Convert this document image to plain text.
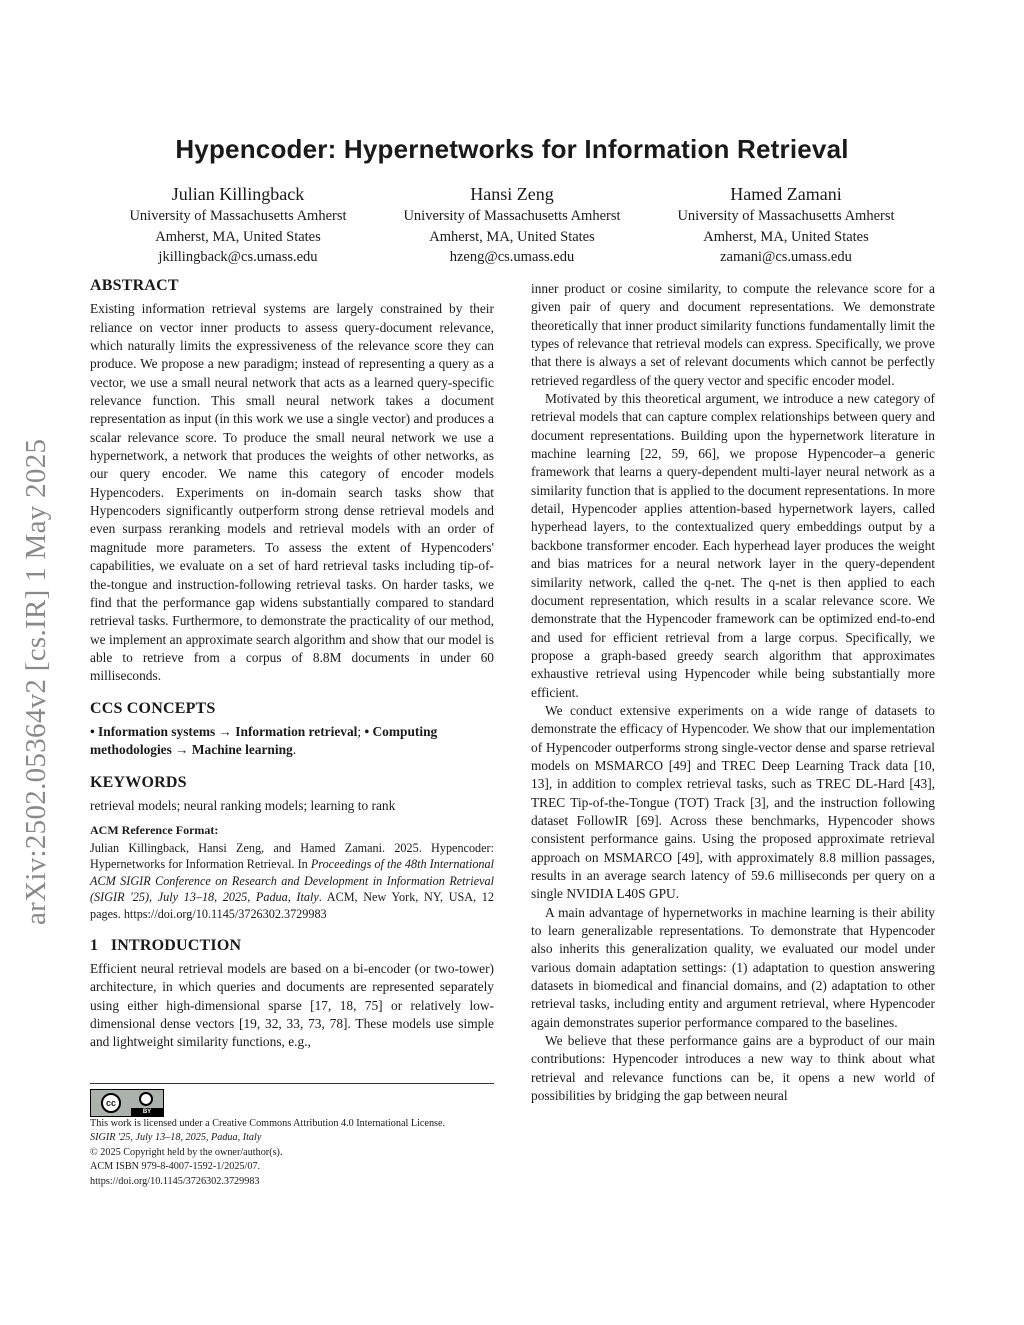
arXiv:2502.05364v2 [cs.IR] 1 May 2025
Hypencoder: Hypernetworks for Information Retrieval
Julian Killingback
University of Massachusetts Amherst
Amherst, MA, United States
jkillingback@cs.umass.edu
Hansi Zeng
University of Massachusetts Amherst
Amherst, MA, United States
hzeng@cs.umass.edu
Hamed Zamani
University of Massachusetts Amherst
Amherst, MA, United States
zamani@cs.umass.edu
ABSTRACT

Existing information retrieval systems are largely constrained by their reliance on vector inner products to assess query-document relevance, which naturally limits the expressiveness of the relevance score they can produce. We propose a new paradigm; instead of representing a query as a vector, we use a small neural network that acts as a learned query-specific relevance function. This small neural network takes a document representation as input (in this work we use a single vector) and produces a scalar relevance score. To produce the small neural network we use a hypernetwork, a network that produces the weights of other networks, as our query encoder. We name this category of encoder models Hypencoders. Experiments on in-domain search tasks show that Hypencoders significantly outperform strong dense retrieval models and even surpass reranking models and retrieval models with an order of magnitude more parameters. To assess the extent of Hypencoders' capabilities, we evaluate on a set of hard retrieval tasks including tip-of-the-tongue and instruction-following retrieval tasks. On harder tasks, we find that the performance gap widens substantially compared to standard retrieval tasks. Furthermore, to demonstrate the practicality of our method, we implement an approximate search algorithm and show that our model is able to retrieve from a corpus of 8.8M documents in under 60 milliseconds.

CCS CONCEPTS

• Information systems → Information retrieval; • Computing methodologies → Machine learning.

KEYWORDS

retrieval models; neural ranking models; learning to rank

ACM Reference Format:

Julian Killingback, Hansi Zeng, and Hamed Zamani. 2025. Hypencoder: Hypernetworks for Information Retrieval. In Proceedings of the 48th International ACM SIGIR Conference on Research and Development in Information Retrieval (SIGIR '25), July 13–18, 2025, Padua, Italy. ACM, New York, NY, USA, 12 pages. https://doi.org/10.1145/3726302.3729983

1 INTRODUCTION

Efficient neural retrieval models are based on a bi-encoder (or two-tower) architecture, in which queries and documents are represented separately using either high-dimensional sparse [17, 18, 75] or relatively low-dimensional dense vectors [19, 32, 33, 73, 78]. These models use simple and lightweight similarity functions, e.g.,

cc
BY
This work is licensed under a Creative Commons Attribution 4.0 International License.
SIGIR '25, July 13–18, 2025, Padua, Italy
© 2025 Copyright held by the owner/author(s).
ACM ISBN 979-8-4007-1592-1/2025/07.
https://doi.org/10.1145/3726302.3729983

inner product or cosine similarity, to compute the relevance score for a given pair of query and document representations. We demonstrate theoretically that inner product similarity functions fundamentally limit the types of relevance that retrieval models can express. Specifically, we prove that there is always a set of relevant documents which cannot be perfectly retrieved regardless of the query vector and specific encoder model.

Motivated by this theoretical argument, we introduce a new category of retrieval models that can capture complex relationships between query and document representations. Building upon the hypernetwork literature in machine learning [22, 59, 66], we propose Hypencoder–a generic framework that learns a query-dependent multi-layer neural network as a similarity function that is applied to the document representations. In more detail, Hypencoder applies attention-based hypernetwork layers, called hyperhead layers, to the contextualized query embeddings output by a backbone transformer encoder. Each hyperhead layer produces the weight and bias matrices for a neural network layer in the query-dependent similarity network, called the q-net. The q-net is then applied to each document representation, which results in a scalar relevance score. We demonstrate that the Hypencoder framework can be optimized end-to-end and used for efficient retrieval from a large corpus. Specifically, we propose a graph-based greedy search algorithm that approximates exhaustive retrieval using Hypencoder while being substantially more efficient.

We conduct extensive experiments on a wide range of datasets to demonstrate the efficacy of Hypencoder. We show that our implementation of Hypencoder outperforms strong single-vector dense and sparse retrieval models on MSMARCO [49] and TREC Deep Learning Track data [10, 13], in addition to complex retrieval tasks, such as TREC DL-Hard [43], TREC Tip-of-the-Tongue (TOT) Track [3], and the instruction following dataset FollowIR [69]. Across these benchmarks, Hypencoder shows consistent performance gains. Using the proposed approximate retrieval approach on MSMARCO [49], with approximately 8.8 million passages, results in an average search latency of 59.6 milliseconds per query on a single NVIDIA L40S GPU.

A main advantage of hypernetworks in machine learning is their ability to learn generalizable representations. To demonstrate that Hypencoder also inherits this generalization quality, we evaluated our model under various domain adaptation settings: (1) adaptation to question answering datasets in biomedical and financial domains, and (2) adaptation to other retrieval tasks, including entity and argument retrieval, where Hypencoder again demonstrates superior performance compared to the baselines.

We believe that these performance gains are a byproduct of our main contributions: Hypencoder introduces a new way to think about what retrieval and relevance functions can be, it opens a new world of possibilities by bridging the gap between neural
